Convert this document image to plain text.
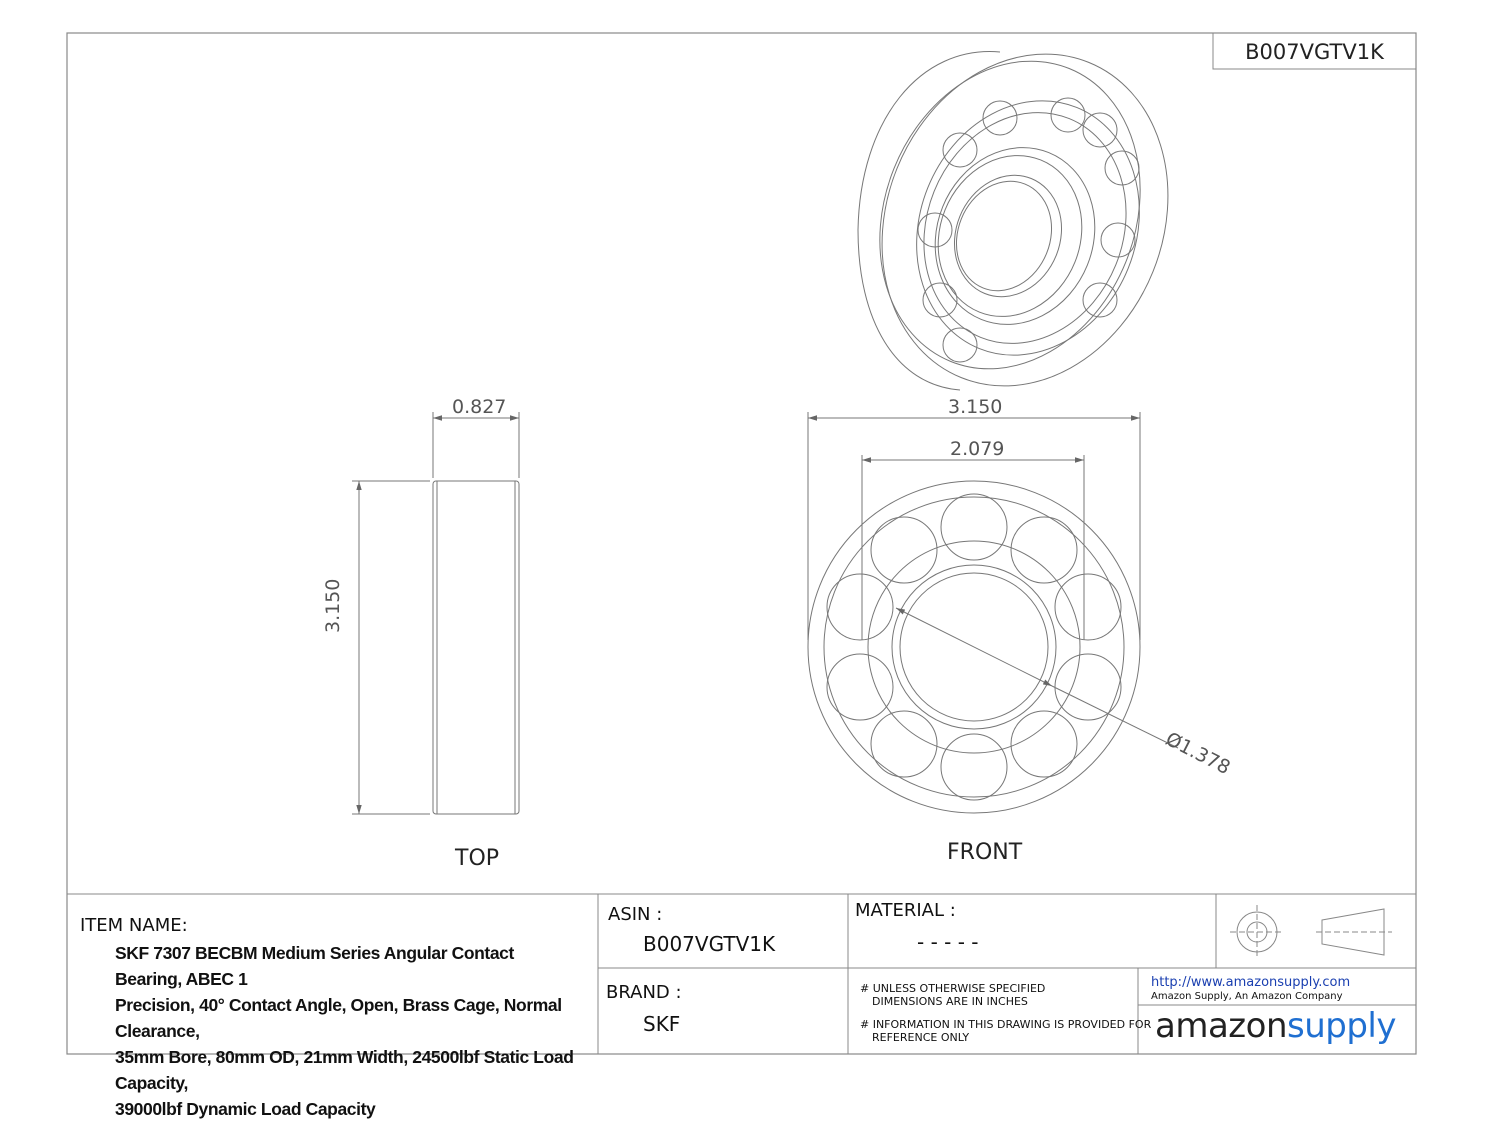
B007VGTV1K
0.827
3.150
3.150
2.079
Ø1.378
TOP	FRONT
ITEM NAME:
SKF 7307 BECBM Medium Series Angular Contact Bearing, ABEC 1
Precision, 40° Contact Angle, Open, Brass Cage, Normal Clearance,
35mm Bore, 80mm OD, 21mm Width, 24500lbf Static Load Capacity,
39000lbf Dynamic Load Capacity
ASIN :
B007VGTV1K
BRAND :
SKF
MATERIAL :
- - - - -
# UNLESS OTHERWISE SPECIFIED
DIMENSIONS ARE IN INCHES
# INFORMATION IN THIS DRAWING IS PROVIDED FOR
REFERENCE ONLY
http://www.amazonsupply.com
Amazon Supply, An Amazon Company
amazonsupply
